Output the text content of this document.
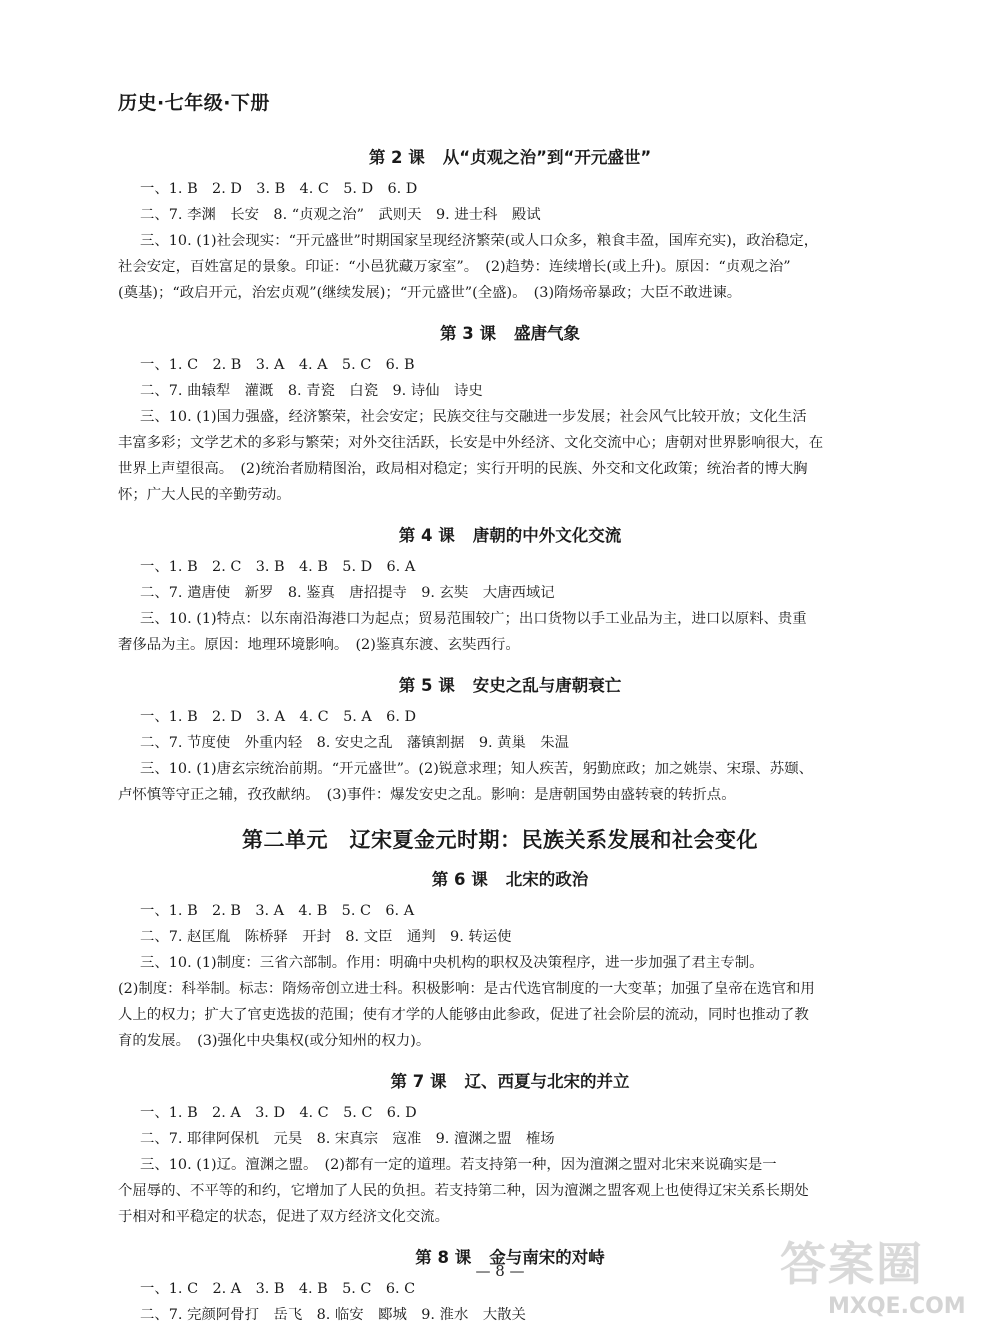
历史·七年级·下册
第 2 课 从“贞观之治”到“开元盛世”
一、1. B　2. D　3. B　4. C　5. D　6. D
二、7. 李渊　长安　8. “贞观之治”　武则天　9. 进士科　殿试
三、10. (1)社会现实：“开元盛世”时期国家呈现经济繁荣(或人口众多，粮食丰盈，国库充实)，政治稳定，
社会安定，百姓富足的景象。印证：“小邑犹藏万家室”。　(2)趋势：连续增长(或上升)。原因：“贞观之治”
(奠基)；“政启开元，治宏贞观”(继续发展)；“开元盛世”(全盛)。　(3)隋炀帝暴政；大臣不敢进谏。
第 3 课 盛唐气象
一、1. C　2. B　3. A　4. A　5. C　6. B
二、7. 曲辕犁　灌溉　8. 青瓷　白瓷　9. 诗仙　诗史
三、10. (1)国力强盛，经济繁荣，社会安定；民族交往与交融进一步发展；社会风气比较开放；文化生活
丰富多彩；文学艺术的多彩与繁荣；对外交往活跃，长安是中外经济、文化交流中心；唐朝对世界影响很大，在
世界上声望很高。　(2)统治者励精图治，政局相对稳定；实行开明的民族、外交和文化政策；统治者的博大胸
怀；广大人民的辛勤劳动。
第 4 课 唐朝的中外文化交流
一、1. B　2. C　3. B　4. B　5. D　6. A
二、7. 遣唐使　新罗　8. 鉴真　唐招提寺　9. 玄奘　大唐西域记
三、10. (1)特点：以东南沿海港口为起点；贸易范围较广；出口货物以手工业品为主，进口以原料、贵重
奢侈品为主。原因：地理环境影响。　(2)鉴真东渡、玄奘西行。
第 5 课 安史之乱与唐朝衰亡
一、1. B　2. D　3. A　4. C　5. A　6. D
二、7. 节度使　外重内轻　8. 安史之乱　藩镇割据　9. 黄巢　朱温
三、10. (1)唐玄宗统治前期。“开元盛世”。(2)锐意求理；知人疾苦，躬勤庶政；加之姚崇、宋璟、苏颋、
卢怀慎等守正之辅，孜孜献纳。　(3)事件：爆发安史之乱。影响：是唐朝国势由盛转衰的转折点。
第二单元　辽宋夏金元时期：民族关系发展和社会变化
第 6 课 北宋的政治
一、1. B　2. B　3. A　4. B　5. C　6. A
二、7. 赵匡胤　陈桥驿　开封　8. 文臣　通判　9. 转运使
三、10. (1)制度：三省六部制。作用：明确中央机构的职权及决策程序，进一步加强了君主专制。
(2)制度：科举制。标志：隋炀帝创立进士科。积极影响：是古代选官制度的一大变革；加强了皇帝在选官和用
人上的权力；扩大了官吏选拔的范围；使有才学的人能够由此参政，促进了社会阶层的流动，同时也推动了教
育的发展。　(3)强化中央集权(或分知州的权力)。
第 7 课 辽、西夏与北宋的并立
一、1. B　2. A　3. D　4. C　5. C　6. D
二、7. 耶律阿保机　元昊　8. 宋真宗　寇准　9. 澶渊之盟　榷场
三、10. (1)辽。澶渊之盟。　(2)都有一定的道理。若支持第一种，因为澶渊之盟对北宋来说确实是一
个屈辱的、不平等的和约，它增加了人民的负担。若支持第二种，因为澶渊之盟客观上也使得辽宋关系长期处
于相对和平稳定的状态，促进了双方经济文化交流。
第 8 课 金与南宋的对峙
一、1. C　2. A　3. B　4. B　5. C　6. C
二、7. 完颜阿骨打　岳飞　8. 临安　郾城　9. 淮水　大散关
— 8 —	答案圈
MXQE.COM
